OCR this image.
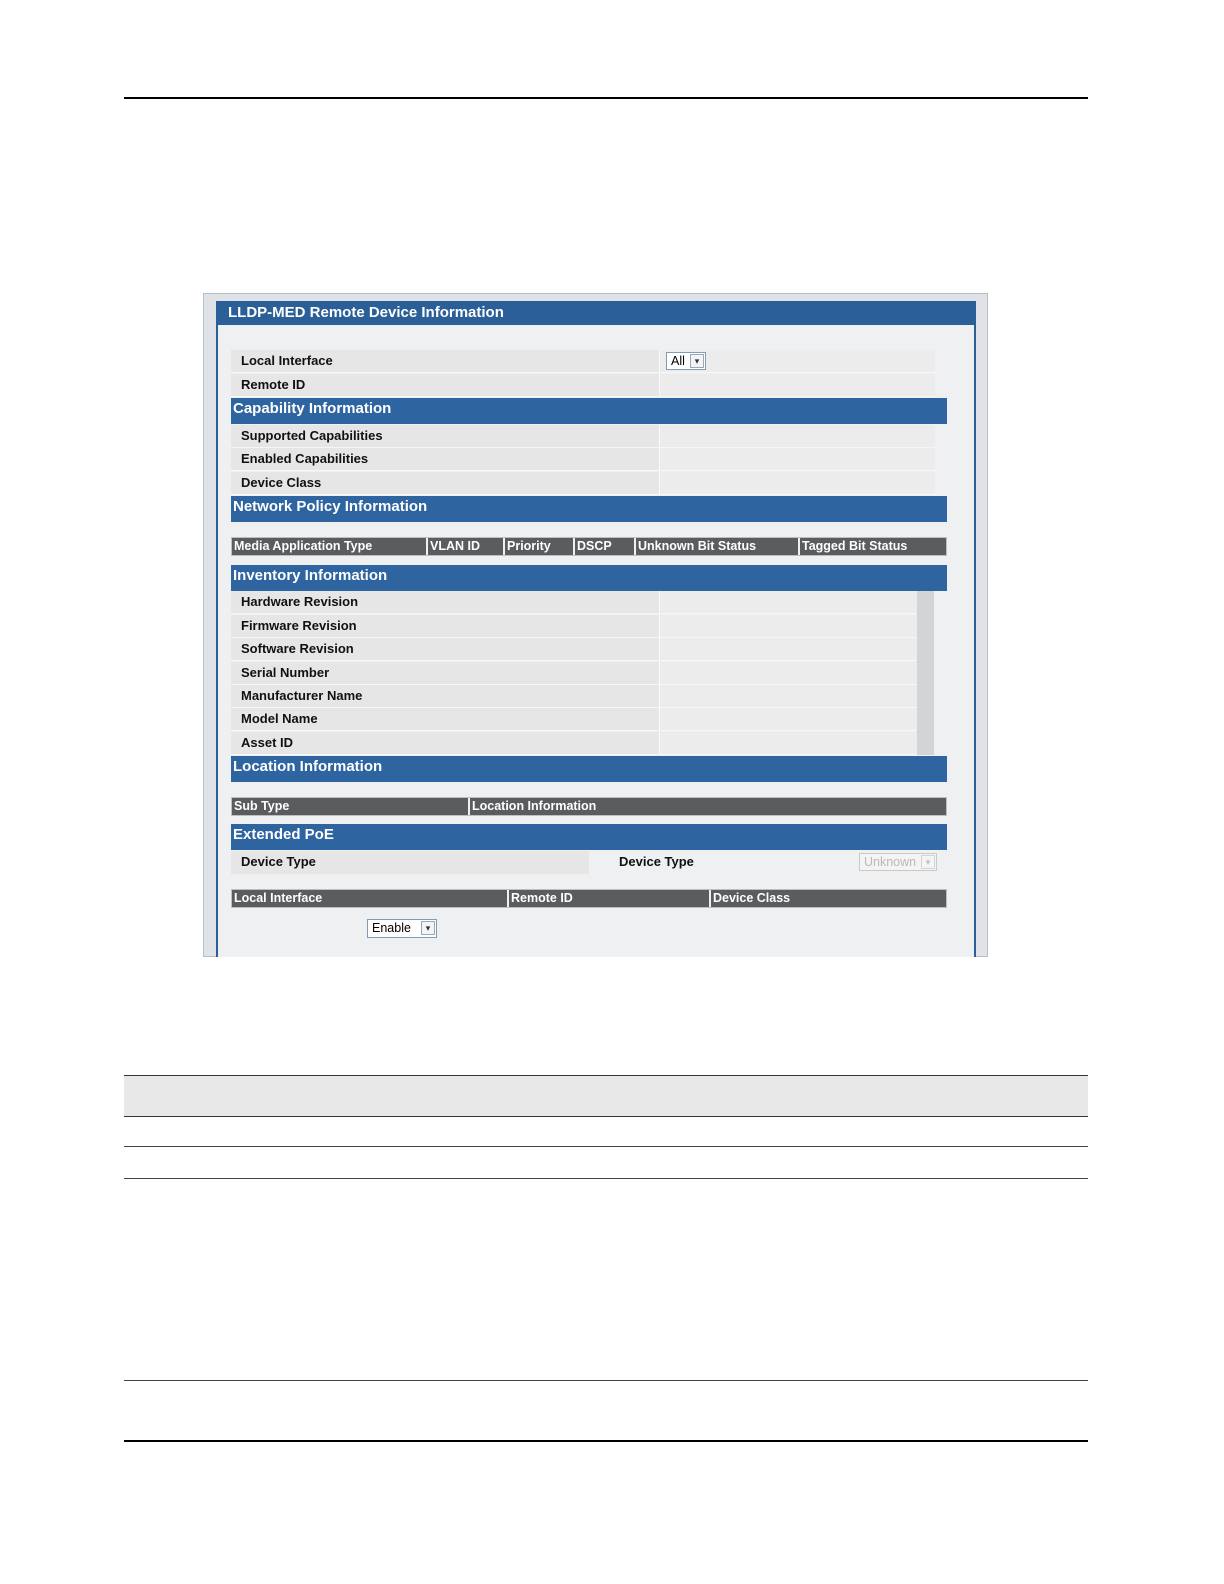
LLDP-MED Remote Device Information
Local Interface	All	▾
Remote ID
Capability Information
Supported Capabilities
Enabled Capabilities
Device Class
Network Policy Information
Media Application Type	VLAN ID	Priority	DSCP	Unknown Bit Status	Tagged Bit Status
Inventory Information
Hardware Revision
Firmware Revision
Software Revision
Serial Number
Manufacturer Name
Model Name
Asset ID
Location Information
Sub Type	Location Information
Extended PoE
Device Type	Device Type	Unknown	▾
Local Interface	Remote ID	Device Class
Enable	▾
